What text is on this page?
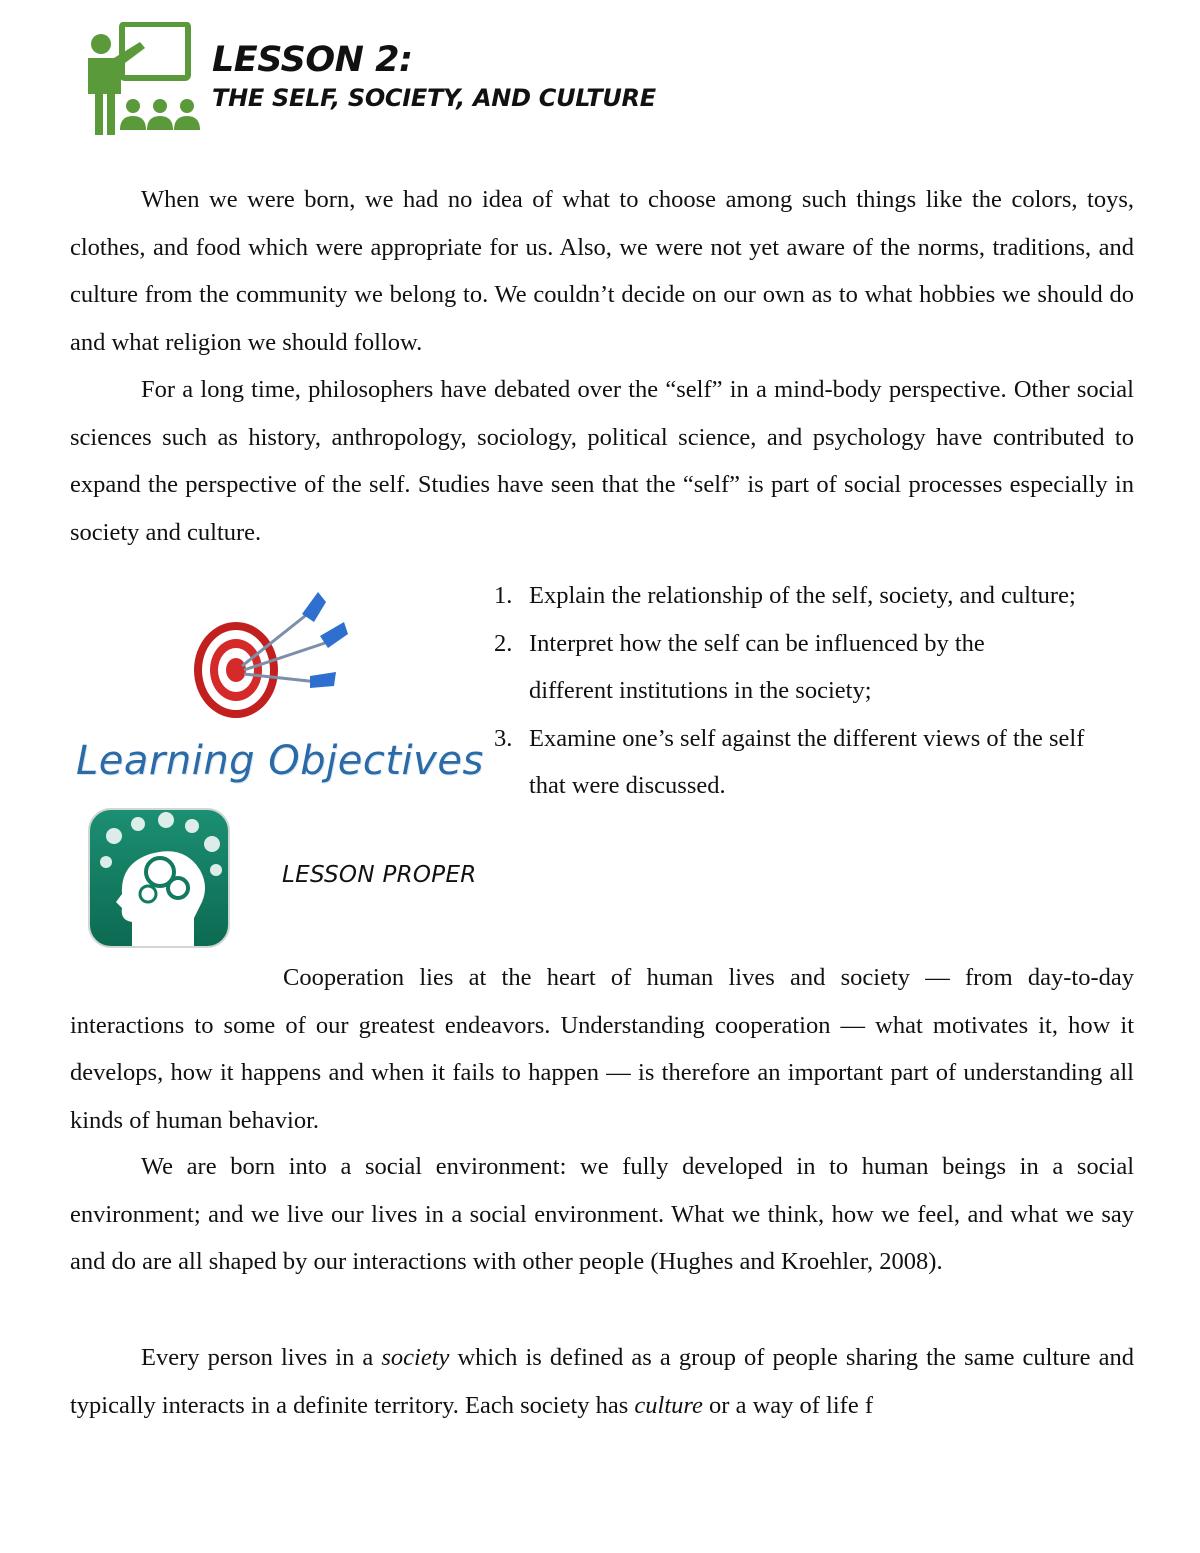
LESSON 2:
THE SELF, SOCIETY, AND CULTURE

When we were born, we had no idea of what to choose among such things like the colors, toys, clothes, and food which were appropriate for us. Also, we were not yet aware of the norms, traditions, and culture from the community we belong to. We couldn’t decide on our own as to what hobbies we should do and what religion we should follow.

For a long time, philosophers have debated over the “self” in a mind-body perspective. Other social sciences such as history, anthropology, sociology, political science, and psychology have contributed to expand the perspective of the self. Studies have seen that the “self” is part of social processes especially in society and culture.

Learning Objectives
1. Explain the relationship of the self, society, and culture;
2. Interpret how the self can be influenced by the different institutions in the society;
3. Examine one’s self against the different views of the self that were discussed.
LESSON PROPER

Cooperation lies at the heart of human lives and society — from day-to-day interactions to some of our greatest endeavors. Understanding cooperation — what motivates it, how it develops, how it happens and when it fails to happen — is therefore an important part of understanding all kinds of human behavior.

We are born into a social environment: we fully developed in to human beings in a social environment; and we live our lives in a social environment. What we think, how we feel, and what we say and do are all shaped by our interactions with other people (Hughes and Kroehler, 2008).

Every person lives in a society which is defined as a group of people sharing the same culture and typically interacts in a definite territory. Each society has culture or a way of life f
